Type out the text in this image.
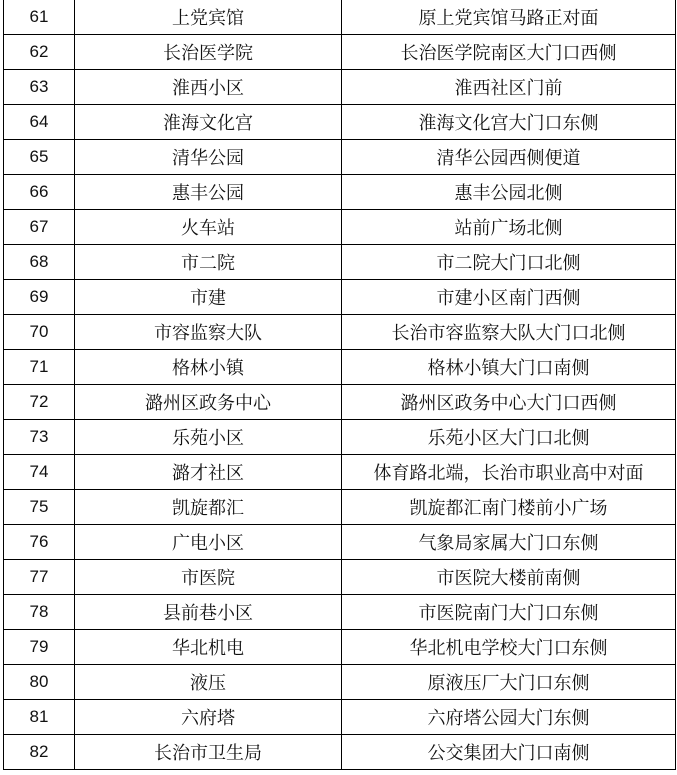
61	上党宾馆	原上党宾馆马路正对面
62	长治医学院	长治医学院南区大门口西侧
63	淮西小区	淮西社区门前
64	淮海文化宫	淮海文化宫大门口东侧
65	清华公园	清华公园西侧便道
66	惠丰公园	惠丰公园北侧
67	火车站	站前广场北侧
68	市二院	市二院大门口北侧
69	市建	市建小区南门西侧
70	市容监察大队	长治市容监察大队大门口北侧
71	格林小镇	格林小镇大门口南侧
72	潞州区政务中心	潞州区政务中心大门口西侧
73	乐苑小区	乐苑小区大门口北侧
74	潞才社区	体育路北端，长治市职业高中对面
75	凯旋都汇	凯旋都汇南门楼前小广场
76	广电小区	气象局家属大门口东侧
77	市医院	市医院大楼前南侧
78	县前巷小区	市医院南门大门口东侧
79	华北机电	华北机电学校大门口东侧
80	液压	原液压厂大门口东侧
81	六府塔	六府塔公园大门东侧
82	长治市卫生局	公交集团大门口南侧
